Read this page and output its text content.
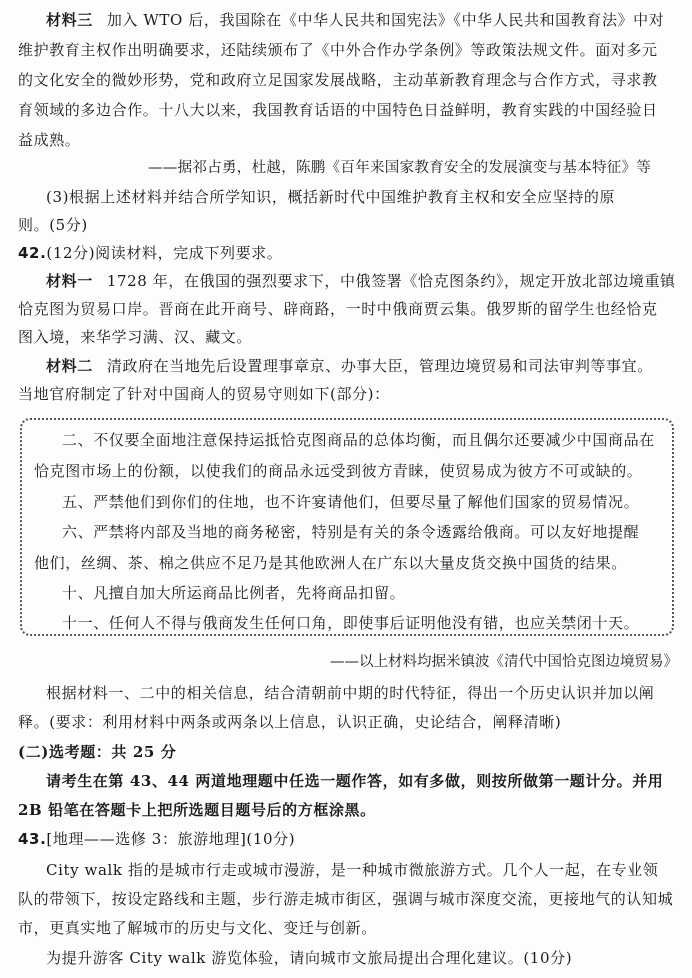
材料三 加入 WTO 后，我国除在《中华人民共和国宪法》《中华人民共和国教育法》中对
维护教育主权作出明确要求，还陆续颁布了《中外合作办学条例》等政策法规文件。面对多元
的文化安全的微妙形势，党和政府立足国家发展战略，主动革新教育理念与合作方式，寻求教
育领域的多边合作。十八大以来，我国教育话语的中国特色日益鲜明，教育实践的中国经验日
益成熟。
——据祁占勇，杜越，陈鹏《百年来国家教育安全的发展演变与基本特征》等
(3)根据上述材料并结合所学知识，概括新时代中国维护教育主权和安全应坚持的原
则。(5分)
42.(12分)阅读材料，完成下列要求。
材料一 1728 年，在俄国的强烈要求下，中俄签署《恰克图条约》，规定开放北部边境重镇
恰克图为贸易口岸。晋商在此开商号、辟商路，一时中俄商贾云集。俄罗斯的留学生也经恰克
图入境，来华学习满、汉、藏文。
材料二 清政府在当地先后设置理事章京、办事大臣，管理边境贸易和司法审判等事宜。
当地官府制定了针对中国商人的贸易守则如下(部分)：
二、不仅要全面地注意保持运抵恰克图商品的总体均衡，而且偶尔还要减少中国商品在
恰克图市场上的份额，以使我们的商品永远受到彼方青睐，使贸易成为彼方不可或缺的。
五、严禁他们到你们的住地，也不许宴请他们，但要尽量了解他们国家的贸易情况。
六、严禁将内部及当地的商务秘密，特别是有关的条令透露给俄商。可以友好地提醒
他们，丝绸、茶、棉之供应不足乃是其他欧洲人在广东以大量皮货交换中国货的结果。
十、凡擅自加大所运商品比例者，先将商品扣留。
十一、任何人不得与俄商发生任何口角，即使事后证明他没有错，也应关禁闭十天。
——以上材料均据米镇波《清代中国恰克图边境贸易》
根据材料一、二中的相关信息，结合清朝前中期的时代特征，得出一个历史认识并加以阐
释。(要求：利用材料中两条或两条以上信息，认识正确，史论结合，阐释清晰)
(二)选考题：共 25 分
请考生在第 43、44 两道地理题中任选一题作答，如有多做，则按所做第一题计分。并用
2B 铅笔在答题卡上把所选题目题号后的方框涂黑。
43.[地理——选修 3：旅游地理](10分)
City walk 指的是城市行走或城市漫游，是一种城市微旅游方式。几个人一起，在专业领
队的带领下，按设定路线和主题，步行游走城市街区，强调与城市深度交流，更接地气的认知城
市，更真实地了解城市的历史与文化、变迁与创新。
为提升游客 City walk 游览体验，请向城市文旅局提出合理化建议。(10分)
